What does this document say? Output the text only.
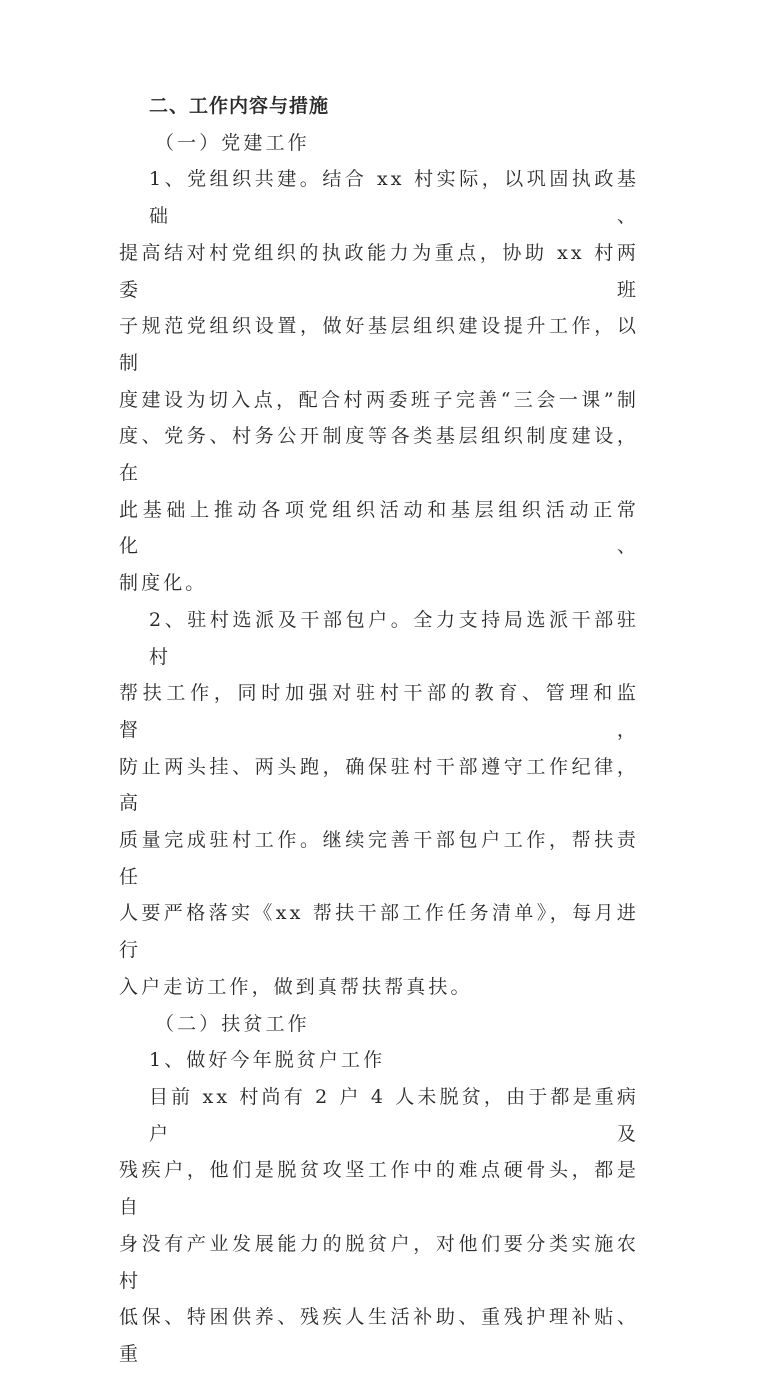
二、工作内容与措施

（一）党建工作

1、党组织共建。结合 xx 村实际，以巩固执政基础、

提高结对村党组织的执政能力为重点，协助 xx 村两委班

子规范党组织设置，做好基层组织建设提升工作，以制

度建设为切入点，配合村两委班子完善“三会一课”制

度、党务、村务公开制度等各类基层组织制度建设，在

此基础上推动各项党组织活动和基层组织活动正常化、

制度化。

2、驻村选派及干部包户。全力支持局选派干部驻村

帮扶工作，同时加强对驻村干部的教育、管理和监督，

防止两头挂、两头跑，确保驻村干部遵守工作纪律，高

质量完成驻村工作。继续完善干部包户工作，帮扶责任

人要严格落实《xx 帮扶干部工作任务清单》，每月进行

入户走访工作，做到真帮扶帮真扶。

（二）扶贫工作

1、做好今年脱贫户工作

目前 xx 村尚有 2 户 4 人未脱贫，由于都是重病户及

残疾户，他们是脱贫攻坚工作中的难点硬骨头，都是自

身没有产业发展能力的脱贫户，对他们要分类实施农村

低保、特困供养、残疾人生活补助、重残护理补贴、重
